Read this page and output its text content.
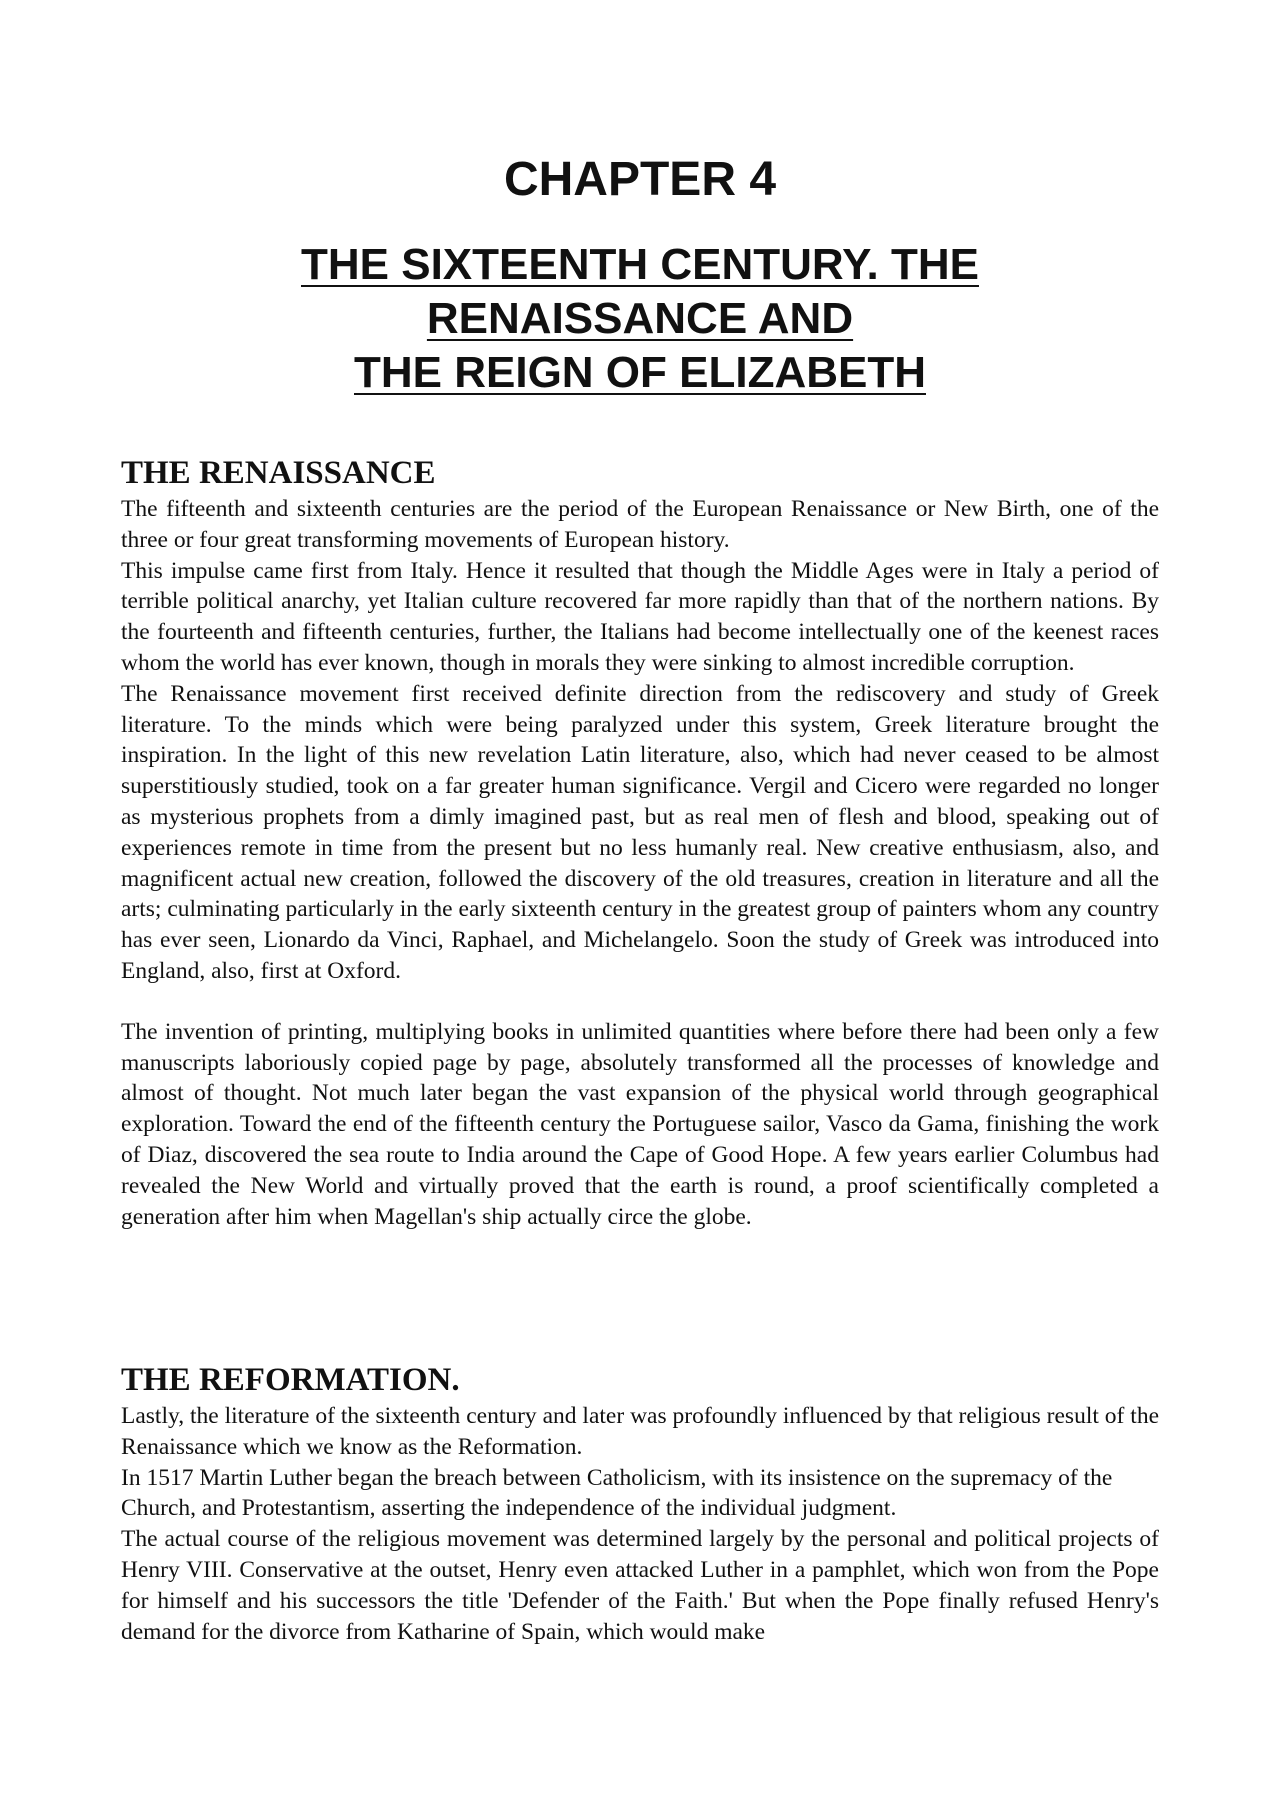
CHAPTER 4
THE SIXTEENTH CENTURY. THE
RENAISSANCE AND
THE REIGN OF ELIZABETH
THE RENAISSANCE

The fifteenth and sixteenth centuries are the period of the European Renaissance or New Birth, one of the three or four great transforming movements of European history.

This impulse came first from Italy. Hence it resulted that though the Middle Ages were in Italy a period of terrible political anarchy, yet Italian culture recovered far more rapidly than that of the northern nations. By the fourteenth and fifteenth centuries, further, the Italians had become intellectually one of the keenest races whom the world has ever known, though in morals they were sinking to almost incredible corruption.

The Renaissance movement first received definite direction from the rediscovery and study of Greek literature. To the minds which were being paralyzed under this system, Greek literature brought the inspiration. In the light of this new revelation Latin literature, also, which had never ceased to be almost superstitiously studied, took on a far greater human significance. Vergil and Cicero were regarded no longer as mysterious prophets from a dimly imagined past, but as real men of flesh and blood, speaking out of experiences remote in time from the present but no less humanly real. New creative enthusiasm, also, and magnificent actual new creation, followed the discovery of the old treasures, creation in literature and all the arts; culminating particularly in the early sixteenth century in the greatest group of painters whom any country has ever seen, Lionardo da Vinci, Raphael, and Michelangelo. Soon the study of Greek was introduced into England, also, first at Oxford.

The invention of printing, multiplying books in unlimited quantities where before there had been only a few manuscripts laboriously copied page by page, absolutely transformed all the processes of knowledge and almost of thought. Not much later began the vast expansion of the physical world through geographical exploration. Toward the end of the fifteenth century the Portuguese sailor, Vasco da Gama, finishing the work of Diaz, discovered the sea route to India around the Cape of Good Hope. A few years earlier Columbus had revealed the New World and virtually proved that the earth is round, a proof scientifically completed a generation after him when Magellan's ship actually circe the globe.

THE REFORMATION.

Lastly, the literature of the sixteenth century and later was profoundly influenced by that religious result of the Renaissance which we know as the Reformation.

In 1517 Martin Luther began the breach between Catholicism, with its insistence on the supremacy of the

Church, and Protestantism, asserting the independence of the individual judgment.

The actual course of the religious movement was determined largely by the personal and political projects of Henry VIII. Conservative at the outset, Henry even attacked Luther in a pamphlet, which won from the Pope for himself and his successors the title 'Defender of the Faith.' But when the Pope finally refused Henry's demand for the divorce from Katharine of Spain, which would make
